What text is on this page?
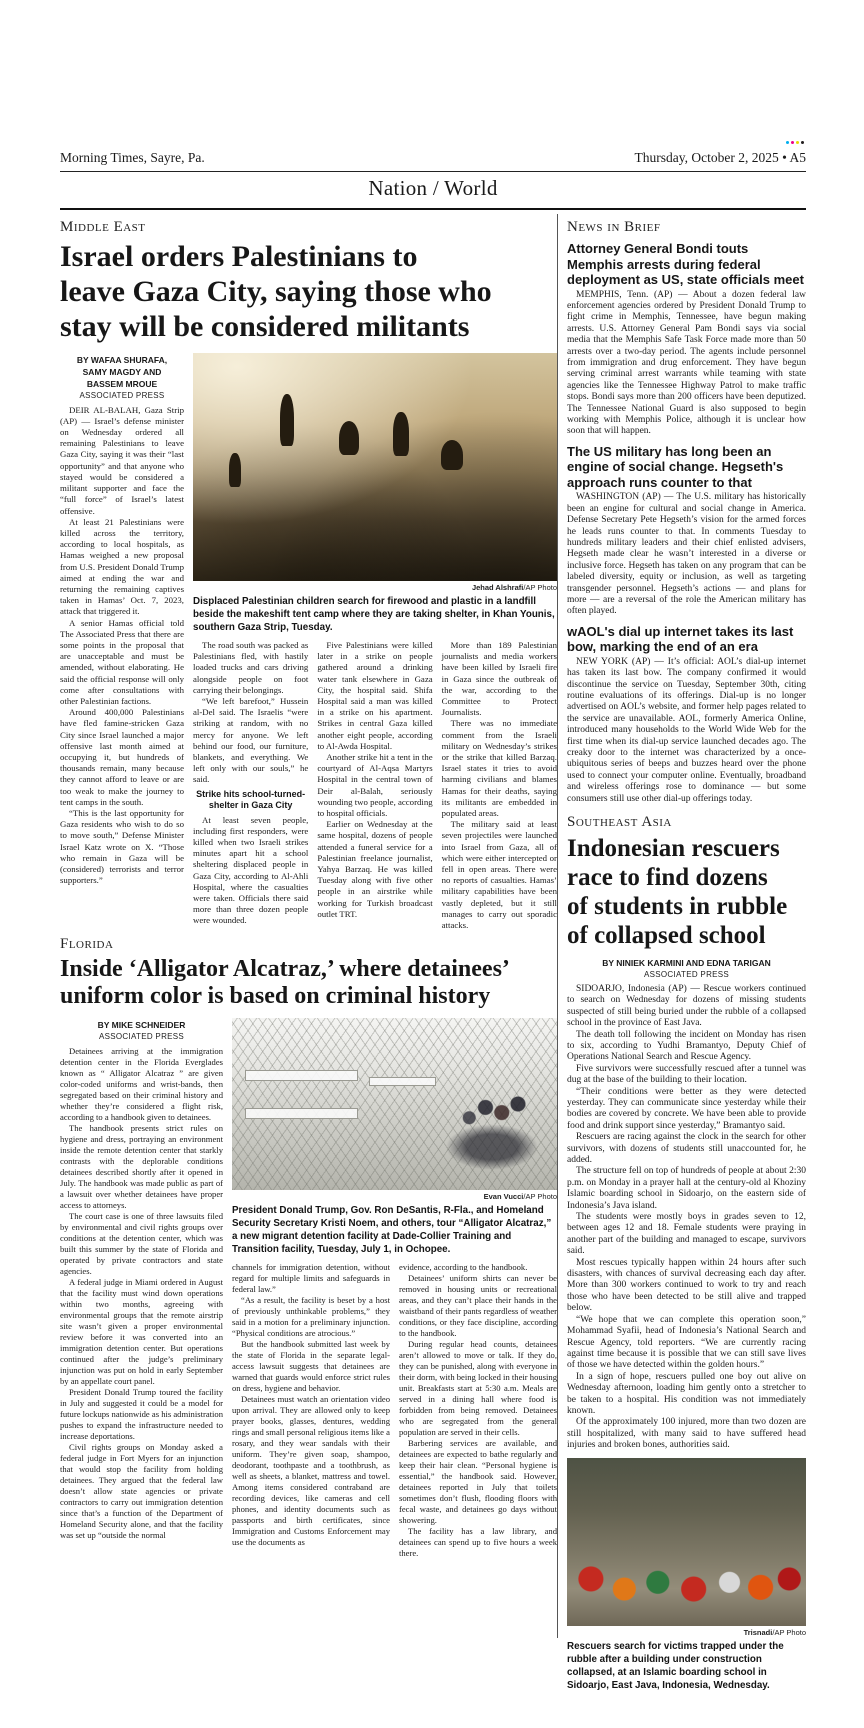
Morning Times, Sayre, Pa.	Thursday, October 2, 2025 • A5
Nation / World
Middle East
Israel orders Palestinians to
leave Gaza City, saying those who
stay will be considered militants
BY WAFAA SHURAFA, SAMY MAGDY AND BASSEM MROUE
ASSOCIATED PRESS

DEIR AL-BALAH, Gaza Strip (AP) — Israel’s defense minister on Wednesday ordered all remaining Palestinians to leave Gaza City, saying it was their “last opportunity” and that anyone who stayed would be considered a militant supporter and face the “full force” of Israel’s latest offensive.

At least 21 Palestinians were killed across the territory, according to local hospitals, as Hamas weighed a new proposal from U.S. President Donald Trump aimed at ending the war and returning the remaining captives taken in Hamas’ Oct. 7, 2023, attack that triggered it.

A senior Hamas official told The Associated Press that there are some points in the proposal that are unacceptable and must be amended, without elaborating. He said the official response will only come after consultations with other Palestinian factions.

Around 400,000 Palestinians have fled famine-stricken Gaza City since Israel launched a major offensive last month aimed at occupying it, but hundreds of thousands remain, many because they cannot afford to leave or are too weak to make the journey to tent camps in the south.

“This is the last opportunity for Gaza residents who wish to do so to move south,” Defense Minister Israel Katz wrote on X. “Those who remain in Gaza will be (considered) terrorists and terror supporters.”

Jehad Alshrafi/AP Photo
Displaced Palestinian children search for firewood and plastic in a landfill beside the makeshift tent camp where they are taking shelter, in Khan Younis, southern Gaza Strip, Tuesday.

The road south was packed as Palestinians fled, with hastily loaded trucks and cars driving alongside people on foot carrying their belongings.

“We left barefoot,” Hussein al-Del said. The Israelis “were striking at random, with no mercy for anyone. We left behind our food, our furniture, blankets, and everything. We left only with our souls,” he said.

Strike hits school-turned-shelter in Gaza City

At least seven people, including first responders, were killed when two Israeli strikes minutes apart hit a school sheltering displaced people in Gaza City, according to Al-Ahli Hospital, where the casualties were taken. Officials there said more than three dozen people were wounded.

Five Palestinians were killed later in a strike on people gathered around a drinking water tank elsewhere in Gaza City, the hospital said. Shifa Hospital said a man was killed in a strike on his apartment. Strikes in central Gaza killed another eight people, according to Al-Awda Hospital.

Another strike hit a tent in the courtyard of Al-Aqsa Martyrs Hospital in the central town of Deir al-Balah, seriously wounding two people, according to hospital officials.

Earlier on Wednesday at the same hospital, dozens of people attended a funeral service for a Palestinian freelance journalist, Yahya Barzaq. He was killed Tuesday along with five other people in an airstrike while working for Turkish broadcast outlet TRT.

More than 189 Palestinian journalists and media workers have been killed by Israeli fire in Gaza since the outbreak of the war, according to the Committee to Protect Journalists.

There was no immediate comment from the Israeli military on Wednesday’s strikes or the strike that killed Barzaq. Israel states it tries to avoid harming civilians and blames Hamas for their deaths, saying its militants are embedded in populated areas.

The military said at least seven projectiles were launched into Israel from Gaza, all of which were either intercepted or fell in open areas. There were no reports of casualties. Hamas’ military capabilities have been vastly depleted, but it still manages to carry out sporadic attacks.

Florida
Inside ‘Alligator Alcatraz,’ where detainees’
uniform color is based on criminal history
BY MIKE SCHNEIDER
ASSOCIATED PRESS

Detainees arriving at the immigration detention center in the Florida Everglades known as “ Alligator Alcatraz ” are given color-coded uniforms and wrist-bands, then segregated based on their criminal history and whether they’re considered a flight risk, according to a handbook given to detainees.

The handbook presents strict rules on hygiene and dress, portraying an environment inside the remote detention center that starkly contrasts with the deplorable conditions detainees described shortly after it opened in July. The handbook was made public as part of a lawsuit over whether detainees have proper access to attorneys.

The court case is one of three lawsuits filed by environmental and civil rights groups over conditions at the detention center, which was built this summer by the state of Florida and operated by private contractors and state agencies.

A federal judge in Miami ordered in August that the facility must wind down operations within two months, agreeing with environmental groups that the remote airstrip site wasn’t given a proper environmental review before it was converted into an immigration detention center. But operations continued after the judge’s preliminary injunction was put on hold in early September by an appellate court panel.

President Donald Trump toured the facility in July and suggested it could be a model for future lockups nationwide as his administration pushes to expand the infrastructure needed to increase deportations.

Civil rights groups on Monday asked a federal judge in Fort Myers for an injunction that would stop the facility from holding detainees. They argued that the federal law doesn’t allow state agencies or private contractors to carry out immigration detention since that’s a function of the Department of Homeland Security alone, and that the facility was set up “outside the normal

Evan Vucci/AP Photo
President Donald Trump, Gov. Ron DeSantis, R-Fla., and Homeland Security Secretary Kristi Noem, and others, tour “Alligator Alcatraz,” a new migrant detention facility at Dade-Collier Training and Transition facility, Tuesday, July 1, in Ochopee.

channels for immigration detention, without regard for multiple limits and safeguards in federal law.”

“As a result, the facility is beset by a host of previously unthinkable problems,” they said in a motion for a preliminary injunction. “Physical conditions are atrocious.”

But the handbook submitted last week by the state of Florida in the separate legal-access lawsuit suggests that detainees are warned that guards would enforce strict rules on dress, hygiene and behavior.

Detainees must watch an orientation video upon arrival. They are allowed only to keep prayer books, glasses, dentures, wedding rings and small personal religious items like a rosary, and they wear sandals with their uniform. They’re given soap, shampoo, deodorant, toothpaste and a toothbrush, as well as sheets, a blanket, mattress and towel. Among items considered contraband are recording devices, like cameras and cell phones, and identity documents such as passports and birth certificates, since Immigration and Customs Enforcement may use the documents as

evidence, according to the handbook.

Detainees’ uniform shirts can never be removed in housing units or recreational areas, and they can’t place their hands in the waistband of their pants regardless of weather conditions, or they face discipline, according to the handbook.

During regular head counts, detainees aren’t allowed to move or talk. If they do, they can be punished, along with everyone in their dorm, with being locked in their housing unit. Breakfasts start at 5:30 a.m. Meals are served in a dining hall where food is forbidden from being removed. Detainees who are segregated from the general population are served in their cells.

Barbering services are available, and detainees are expected to bathe regularly and keep their hair clean. “Personal hygiene is essential,” the handbook said. However, detainees reported in July that toilets sometimes don’t flush, flooding floors with fecal waste, and detainees go days without showering.

The facility has a law library, and detainees can spend up to five hours a week there.

News in Brief
Attorney General Bondi touts Memphis arrests during federal deployment as US, state officials meet

MEMPHIS, Tenn. (AP) — About a dozen federal law enforcement agencies ordered by President Donald Trump to fight crime in Memphis, Tennessee, have begun making arrests. U.S. Attorney General Pam Bondi says via social media that the Memphis Safe Task Force made more than 50 arrests over a two-day period. The agents include personnel from immigration and drug enforcement. They have begun serving criminal arrest warrants while teaming with state agencies like the Tennessee Highway Patrol to make traffic stops. Bondi says more than 200 officers have been deputized. The Tennessee National Guard is also supposed to begin working with Memphis Police, although it is unclear how soon that will happen.

The US military has long been an engine of social change. Hegseth's approach runs counter to that

WASHINGTON (AP) — The U.S. military has historically been an engine for cultural and social change in America. Defense Secretary Pete Hegseth’s vision for the armed forces he leads runs counter to that. In comments Tuesday to hundreds military leaders and their chief enlisted advisers, Hegseth made clear he wasn’t interested in a diverse or inclusive force. Hegseth has taken on any program that can be labeled diversity, equity or inclusion, as well as targeting transgender personnel. Hegseth’s actions — and plans for more — are a reversal of the role the American military has often played.

wAOL's dial up internet takes its last bow, marking the end of an era

NEW YORK (AP) — It’s official: AOL’s dial-up internet has taken its last bow. The company confirmed it would discontinue the service on Tuesday, September 30th, citing routine evaluations of its offerings. Dial-up is no longer advertised on AOL’s website, and former help pages related to the service are unavailable. AOL, formerly America Online, introduced many households to the World Wide Web for the first time when its dial-up service launched decades ago. The creaky door to the internet was characterized by a once-ubiquitous series of beeps and buzzes heard over the phone used to connect your computer online. Eventually, broadband and wireless offerings rose to dominance — but some consumers still use other dial-up offerings today.

Southeast Asia
Indonesian rescuers
race to find dozens
of students in rubble
of collapsed school
BY NINIEK KARMINI AND EDNA TARIGAN
ASSOCIATED PRESS

SIDOARJO, Indonesia (AP) — Rescue workers continued to search on Wednesday for dozens of missing students suspected of still being buried under the rubble of a collapsed school in the province of East Java.

The death toll following the incident on Monday has risen to six, according to Yudhi Bramantyo, Deputy Chief of Operations National Search and Rescue Agency.

Five survivors were successfully rescued after a tunnel was dug at the base of the building to their location.

“Their conditions were better as they were detected yesterday. They can communicate since yesterday while their bodies are covered by concrete. We have been able to provide food and drink support since yesterday,” Bramantyo said.

Rescuers are racing against the clock in the search for other survivors, with dozens of students still unaccounted for, he added.

The structure fell on top of hundreds of people at about 2:30 p.m. on Monday in a prayer hall at the century-old al Khoziny Islamic boarding school in Sidoarjo, on the eastern side of Indonesia’s Java island.

The students were mostly boys in grades seven to 12, between ages 12 and 18. Female students were praying in another part of the building and managed to escape, survivors said.

Most rescues typically happen within 24 hours after such disasters, with chances of survival decreasing each day after. More than 300 workers continued to work to try and reach those who have been detected to be still alive and trapped below.

“We hope that we can complete this operation soon,” Mohammad Syafii, head of Indonesia’s National Search and Rescue Agency, told reporters. “We are currently racing against time because it is possible that we can still save lives of those we have detected within the golden hours.”

In a sign of hope, rescuers pulled one boy out alive on Wednesday afternoon, loading him gently onto a stretcher to be taken to a hospital. His condition was not immediately known.

Of the approximately 100 injured, more than two dozen are still hospitalized, with many said to have suffered head injuries and broken bones, authorities said.

Trisnadi/AP Photo
Rescuers search for victims trapped under the rubble after a building under construction collapsed, at an Islamic boarding school in Sidoarjo, East Java, Indonesia, Wednesday.
